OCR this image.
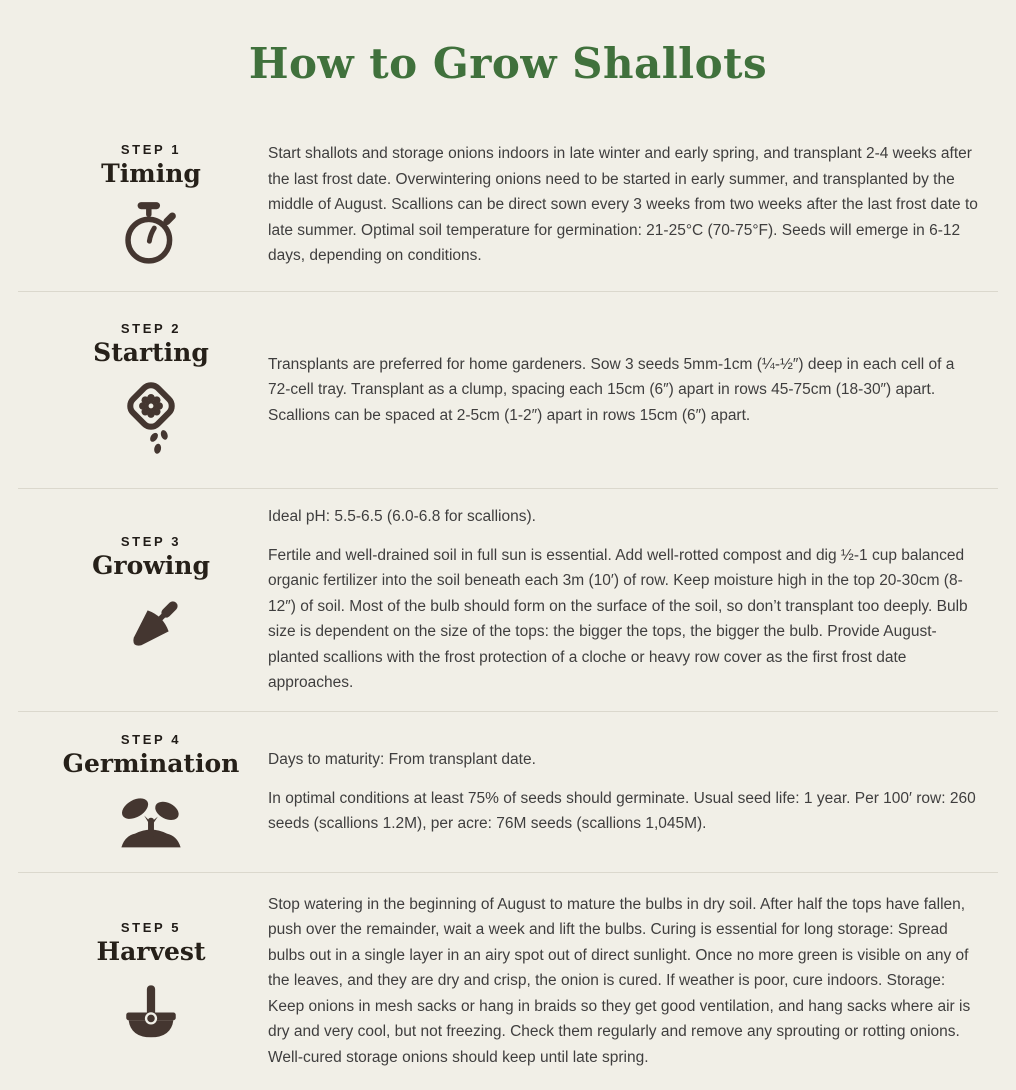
How to Grow Shallots
STEP 1
Timing

Start shallots and storage onions indoors in late winter and early spring, and transplant 2-4 weeks after the last frost date. Overwintering onions need to be started in early summer, and transplanted by the middle of August. Scallions can be direct sown every 3 weeks from two weeks after the last frost date to late summer. Optimal soil temperature for germination: 21-25°C (70-75°F). Seeds will emerge in 6-12 days, depending on conditions.

STEP 2
Starting	Transplants are preferred for home gardeners. Sow 3 seeds 5mm-1cm (¼-½″) deep in each cell of a 72-cell tray. Transplant as a clump, spacing each 15cm (6″) apart in rows 45-75cm (18-30″) apart. Scallions can be spaced at 2-5cm (1-2″) apart in rows 15cm (6″) apart.

STEP 3
Growing

Ideal pH: 5.5-6.5 (6.0-6.8 for scallions).

Fertile and well-drained soil in full sun is essential. Add well-rotted compost and dig ½-1 cup balanced organic fertilizer into the soil beneath each 3m (10′) of row. Keep moisture high in the top 20-30cm (8-12″) of soil. Most of the bulb should form on the surface of the soil, so don’t transplant too deeply. Bulb size is dependent on the size of the tops: the bigger the tops, the bigger the bulb. Provide August-planted scallions with the frost protection of a cloche or heavy row cover as the first frost date approaches.

STEP 4
Germination Days to maturity: From transplant date.

In optimal conditions at least 75% of seeds should germinate. Usual seed life: 1 year. Per 100′ row: 260 seeds (scallions 1.2M), per acre: 76M seeds (scallions 1,045M).

STEP 5
Harvest

Stop watering in the beginning of August to mature the bulbs in dry soil. After half the tops have fallen, push over the remainder, wait a week and lift the bulbs. Curing is essential for long storage: Spread bulbs out in a single layer in an airy spot out of direct sunlight. Once no more green is visible on any of the leaves, and they are dry and crisp, the onion is cured. If weather is poor, cure indoors. Storage: Keep onions in mesh sacks or hang in braids so they get good ventilation, and hang sacks where air is dry and very cool, but not freezing. Check them regularly and remove any sprouting or rotting onions. Well-cured storage onions should keep until late spring.
